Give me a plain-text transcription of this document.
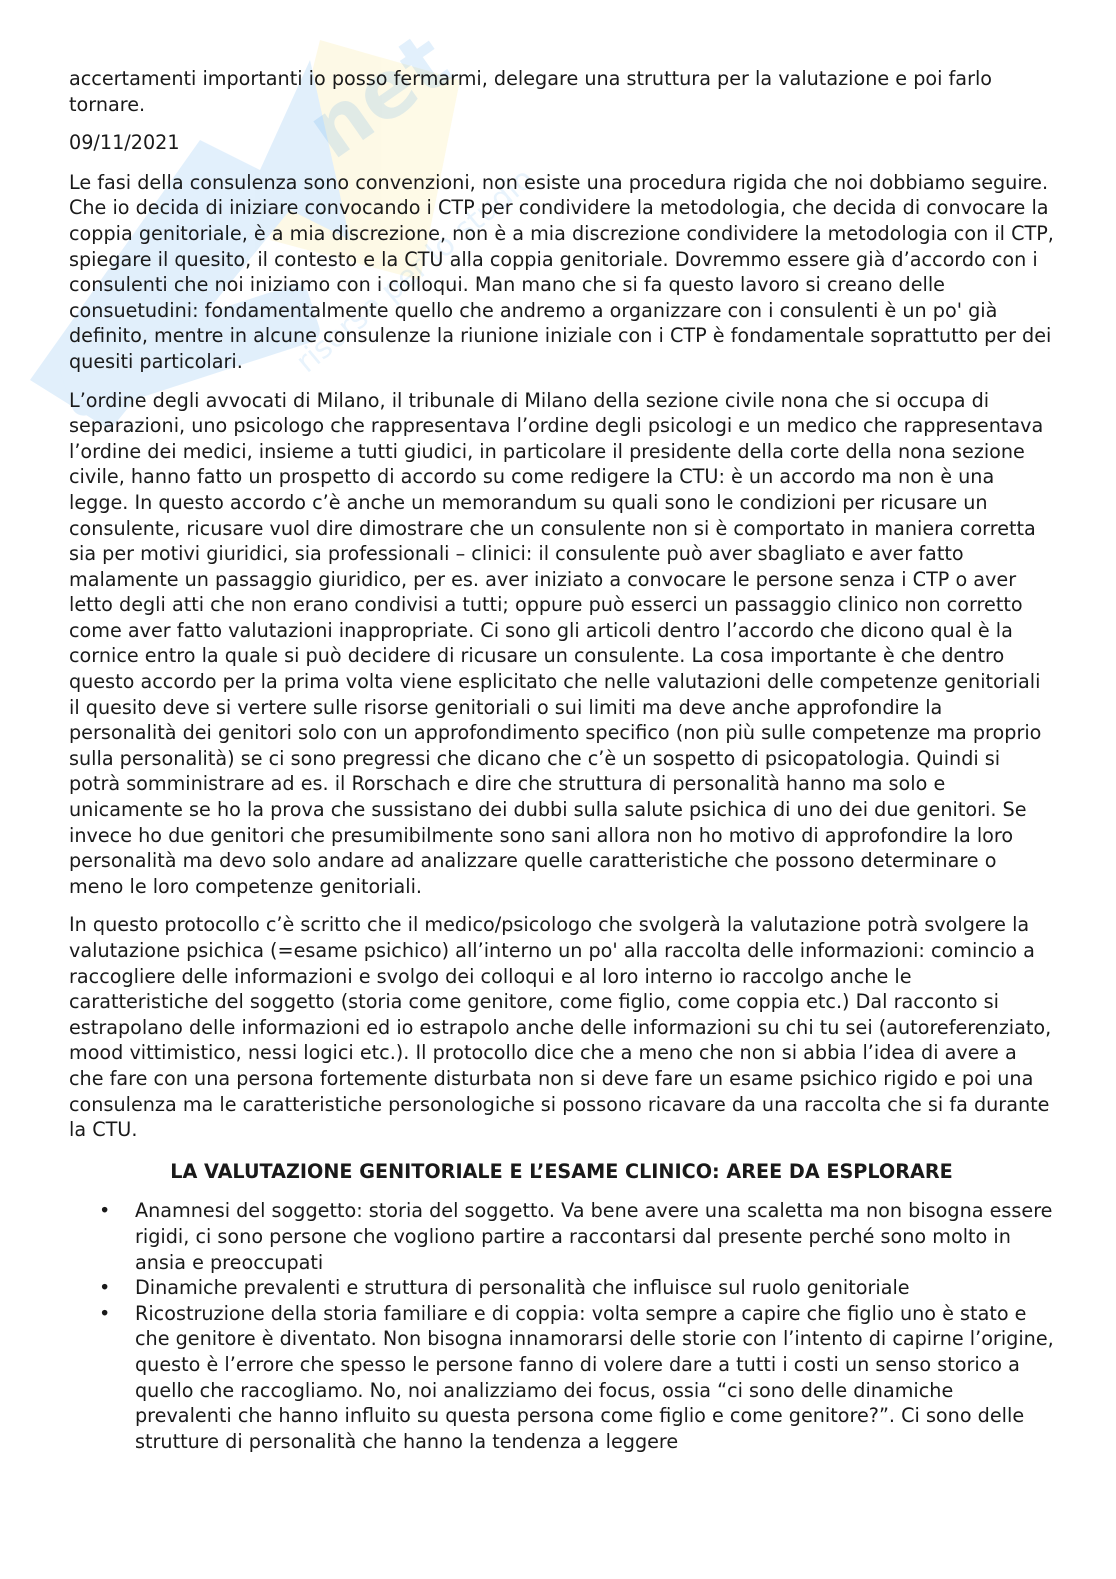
net
risorse per lo studio

accertamenti importanti io posso fermarmi, delegare una struttura per la valutazione e poi farlo tornare.

09/11/2021

Le fasi della consulenza sono convenzioni, non esiste una procedura rigida che noi dobbiamo seguire. Che io decida di iniziare convocando i CTP per condividere la metodologia, che decida di convocare la coppia genitoriale, è a mia discrezione, non è a mia discrezione condividere la metodologia con il CTP, spiegare il quesito, il contesto e la CTU alla coppia genitoriale. Dovremmo essere già d’accordo con i consulenti che noi iniziamo con i colloqui. Man mano che si fa questo lavoro si creano delle consuetudini: fondamentalmente quello che andremo a organizzare con i consulenti è un po' già definito, mentre in alcune consulenze la riunione iniziale con i CTP è fondamentale soprattutto per dei quesiti particolari.

L’ordine degli avvocati di Milano, il tribunale di Milano della sezione civile nona che si occupa di separazioni, uno psicologo che rappresentava l’ordine degli psicologi e un medico che rappresentava l’ordine dei medici, insieme a tutti giudici, in particolare il presidente della corte della nona sezione civile, hanno fatto un prospetto di accordo su come redigere la CTU: è un accordo ma non è una legge. In questo accordo c’è anche un memorandum su quali sono le condizioni per ricusare un consulente, ricusare vuol dire dimostrare che un consulente non si è comportato in maniera corretta sia per motivi giuridici, sia professionali – clinici: il consulente può aver sbagliato e aver fatto malamente un passaggio giuridico, per es. aver iniziato a convocare le persone senza i CTP o aver letto degli atti che non erano condivisi a tutti; oppure può esserci un passaggio clinico non corretto come aver fatto valutazioni inappropriate. Ci sono gli articoli dentro l’accordo che dicono qual è la cornice entro la quale si può decidere di ricusare un consulente. La cosa importante è che dentro questo accordo per la prima volta viene esplicitato che nelle valutazioni delle competenze genitoriali il quesito deve si vertere sulle risorse genitoriali o sui limiti ma deve anche approfondire la personalità dei genitori solo con un approfondimento specifico (non più sulle competenze ma proprio sulla personalità) se ci sono pregressi che dicano che c’è un sospetto di psicopatologia. Quindi si potrà somministrare ad es. il Rorschach e dire che struttura di personalità hanno ma solo e unicamente se ho la prova che sussistano dei dubbi sulla salute psichica di uno dei due genitori. Se invece ho due genitori che presumibilmente sono sani allora non ho motivo di approfondire la loro personalità ma devo solo andare ad analizzare quelle caratteristiche che possono determinare o meno le loro competenze genitoriali.

In questo protocollo c’è scritto che il medico/psicologo che svolgerà la valutazione potrà svolgere la valutazione psichica (=esame psichico) all’interno un po' alla raccolta delle informazioni: comincio a raccogliere delle informazioni e svolgo dei colloqui e al loro interno io raccolgo anche le caratteristiche del soggetto (storia come genitore, come figlio, come coppia etc.) Dal racconto si estrapolano delle informazioni ed io estrapolo anche delle informazioni su chi tu sei (autoreferenziato, mood vittimistico, nessi logici etc.). Il protocollo dice che a meno che non si abbia l’idea di avere a che fare con una persona fortemente disturbata non si deve fare un esame psichico rigido e poi una consulenza ma le caratteristiche personologiche si possono ricavare da una raccolta che si fa durante la CTU.

LA VALUTAZIONE GENITORIALE E L’ESAME CLINICO: AREE DA ESPLORARE
• Anamnesi del soggetto: storia del soggetto. Va bene avere una scaletta ma non bisogna essere rigidi, ci sono persone che vogliono partire a raccontarsi dal presente perché sono molto in ansia e preoccupati
• Dinamiche prevalenti e struttura di personalità che influisce sul ruolo genitoriale
• Ricostruzione della storia familiare e di coppia: volta sempre a capire che figlio uno è stato e che genitore è diventato. Non bisogna innamorarsi delle storie con l’intento di capirne l’origine, questo è l’errore che spesso le persone fanno di volere dare a tutti i costi un senso storico a quello che raccogliamo. No, noi analizziamo dei focus, ossia “ci sono delle dinamiche prevalenti che hanno influito su questa persona come figlio e come genitore?”. Ci sono delle strutture di personalità che hanno la tendenza a leggere
